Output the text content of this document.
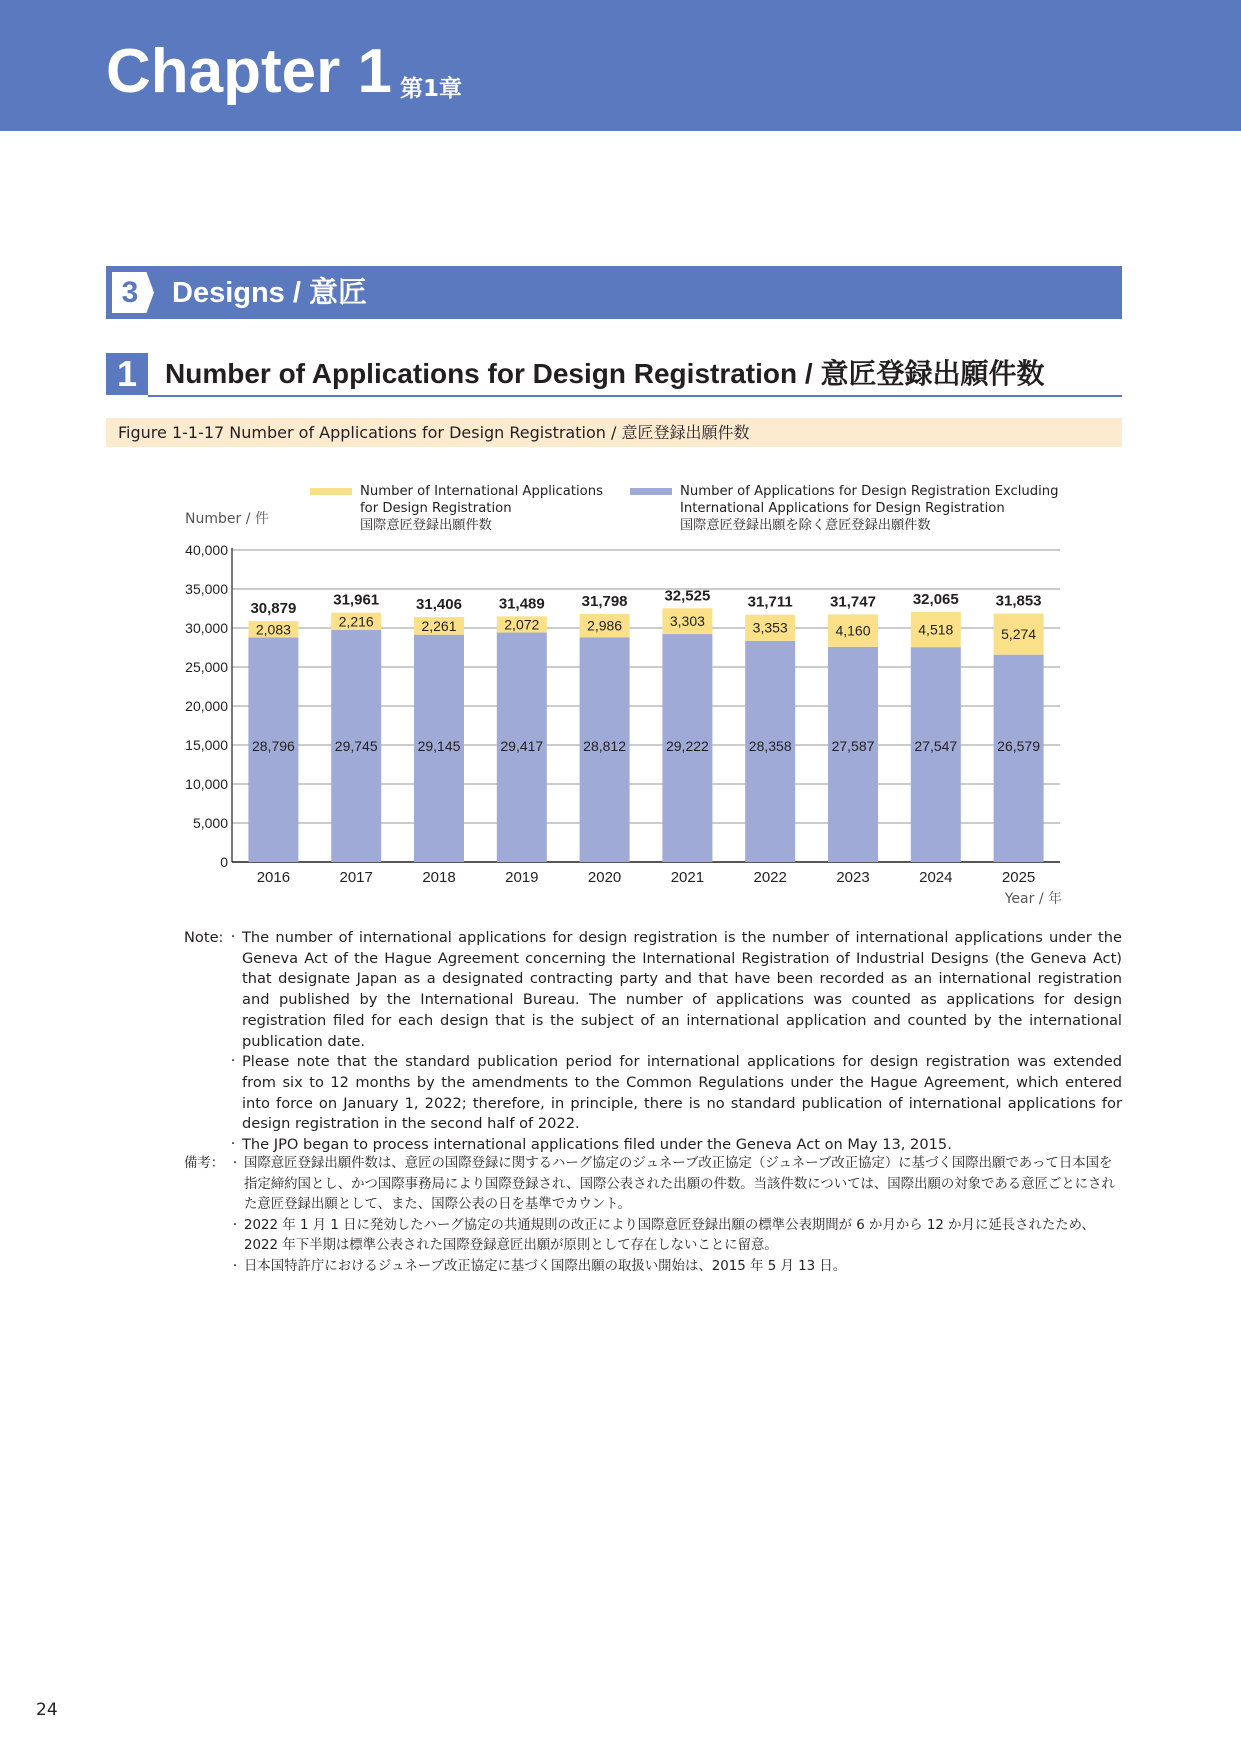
Chapter 1 第1章
3	Designs / 意匠
1 Number of Applications for Design Registration / 意匠登録出願件数
Figure 1-1-17 Number of Applications for Design Registration / 意匠登録出願件数
0
5,000
10,000
15,000
20,000
25,000
30,000
35,000
40,000
Number / 件
Year / 年
Number of International Applications
for Design Registration
国際意匠登録出願件数
Number of Applications for Design Registration Excluding
International Applications for Design Registration
国際意匠登録出願を除く意匠登録出願件数
28,796
2,083
30,879
2016
29,745
2,216
31,961
2017
29,145
2,261
31,406
2018
29,417
2,072
31,489
2019
28,812
2,986
31,798
2020
29,222
3,303
32,525
2021
28,358
3,353
31,711
2022
27,587
4,160
31,747
2023
27,547
4,518
32,065
2024
26,579
5,274
31,853
2025
Note:	・ The number of international applications for design registration is the number of international applications under the Geneva Act of the Hague Agreement concerning the International Registration of Industrial Designs (the Geneva Act) that designate Japan as a designated contracting party and that have been recorded as an international registration and published by the International Bureau. The number of applications was counted as applications for design registration filed for each design that is the subject of an international application and counted by the international publication date.
・ Please note that the standard publication period for international applications for design registration was extended from six to 12 months by the amendments to the Common Regulations under the Hague Agreement, which entered into force on January 1, 2022; therefore, in principle, there is no standard publication of international applications for design registration in the second half of 2022.
・ The JPO began to process international applications filed under the Geneva Act on May 13, 2015.
備考：	・ 国際意匠登録出願件数は、意匠の国際登録に関するハーグ協定のジュネーブ改正協定（ジュネーブ改正協定）に基づく国際出願であって日本国を指定締約国とし、かつ国際事務局により国際登録され、国際公表された出願の件数。当該件数については、国際出願の対象である意匠ごとにされた意匠登録出願として、また、国際公表の日を基準でカウント。
・ 2022 年 1 月 1 日に発効したハーグ協定の共通規則の改正により国際意匠登録出願の標準公表期間が 6 か月から 12 か月に延長されたため、2022 年下半期は標準公表された国際登録意匠出願が原則として存在しないことに留意。
・ 日本国特許庁におけるジュネーブ改正協定に基づく国際出願の取扱い開始は、2015 年 5 月 13 日。
24
